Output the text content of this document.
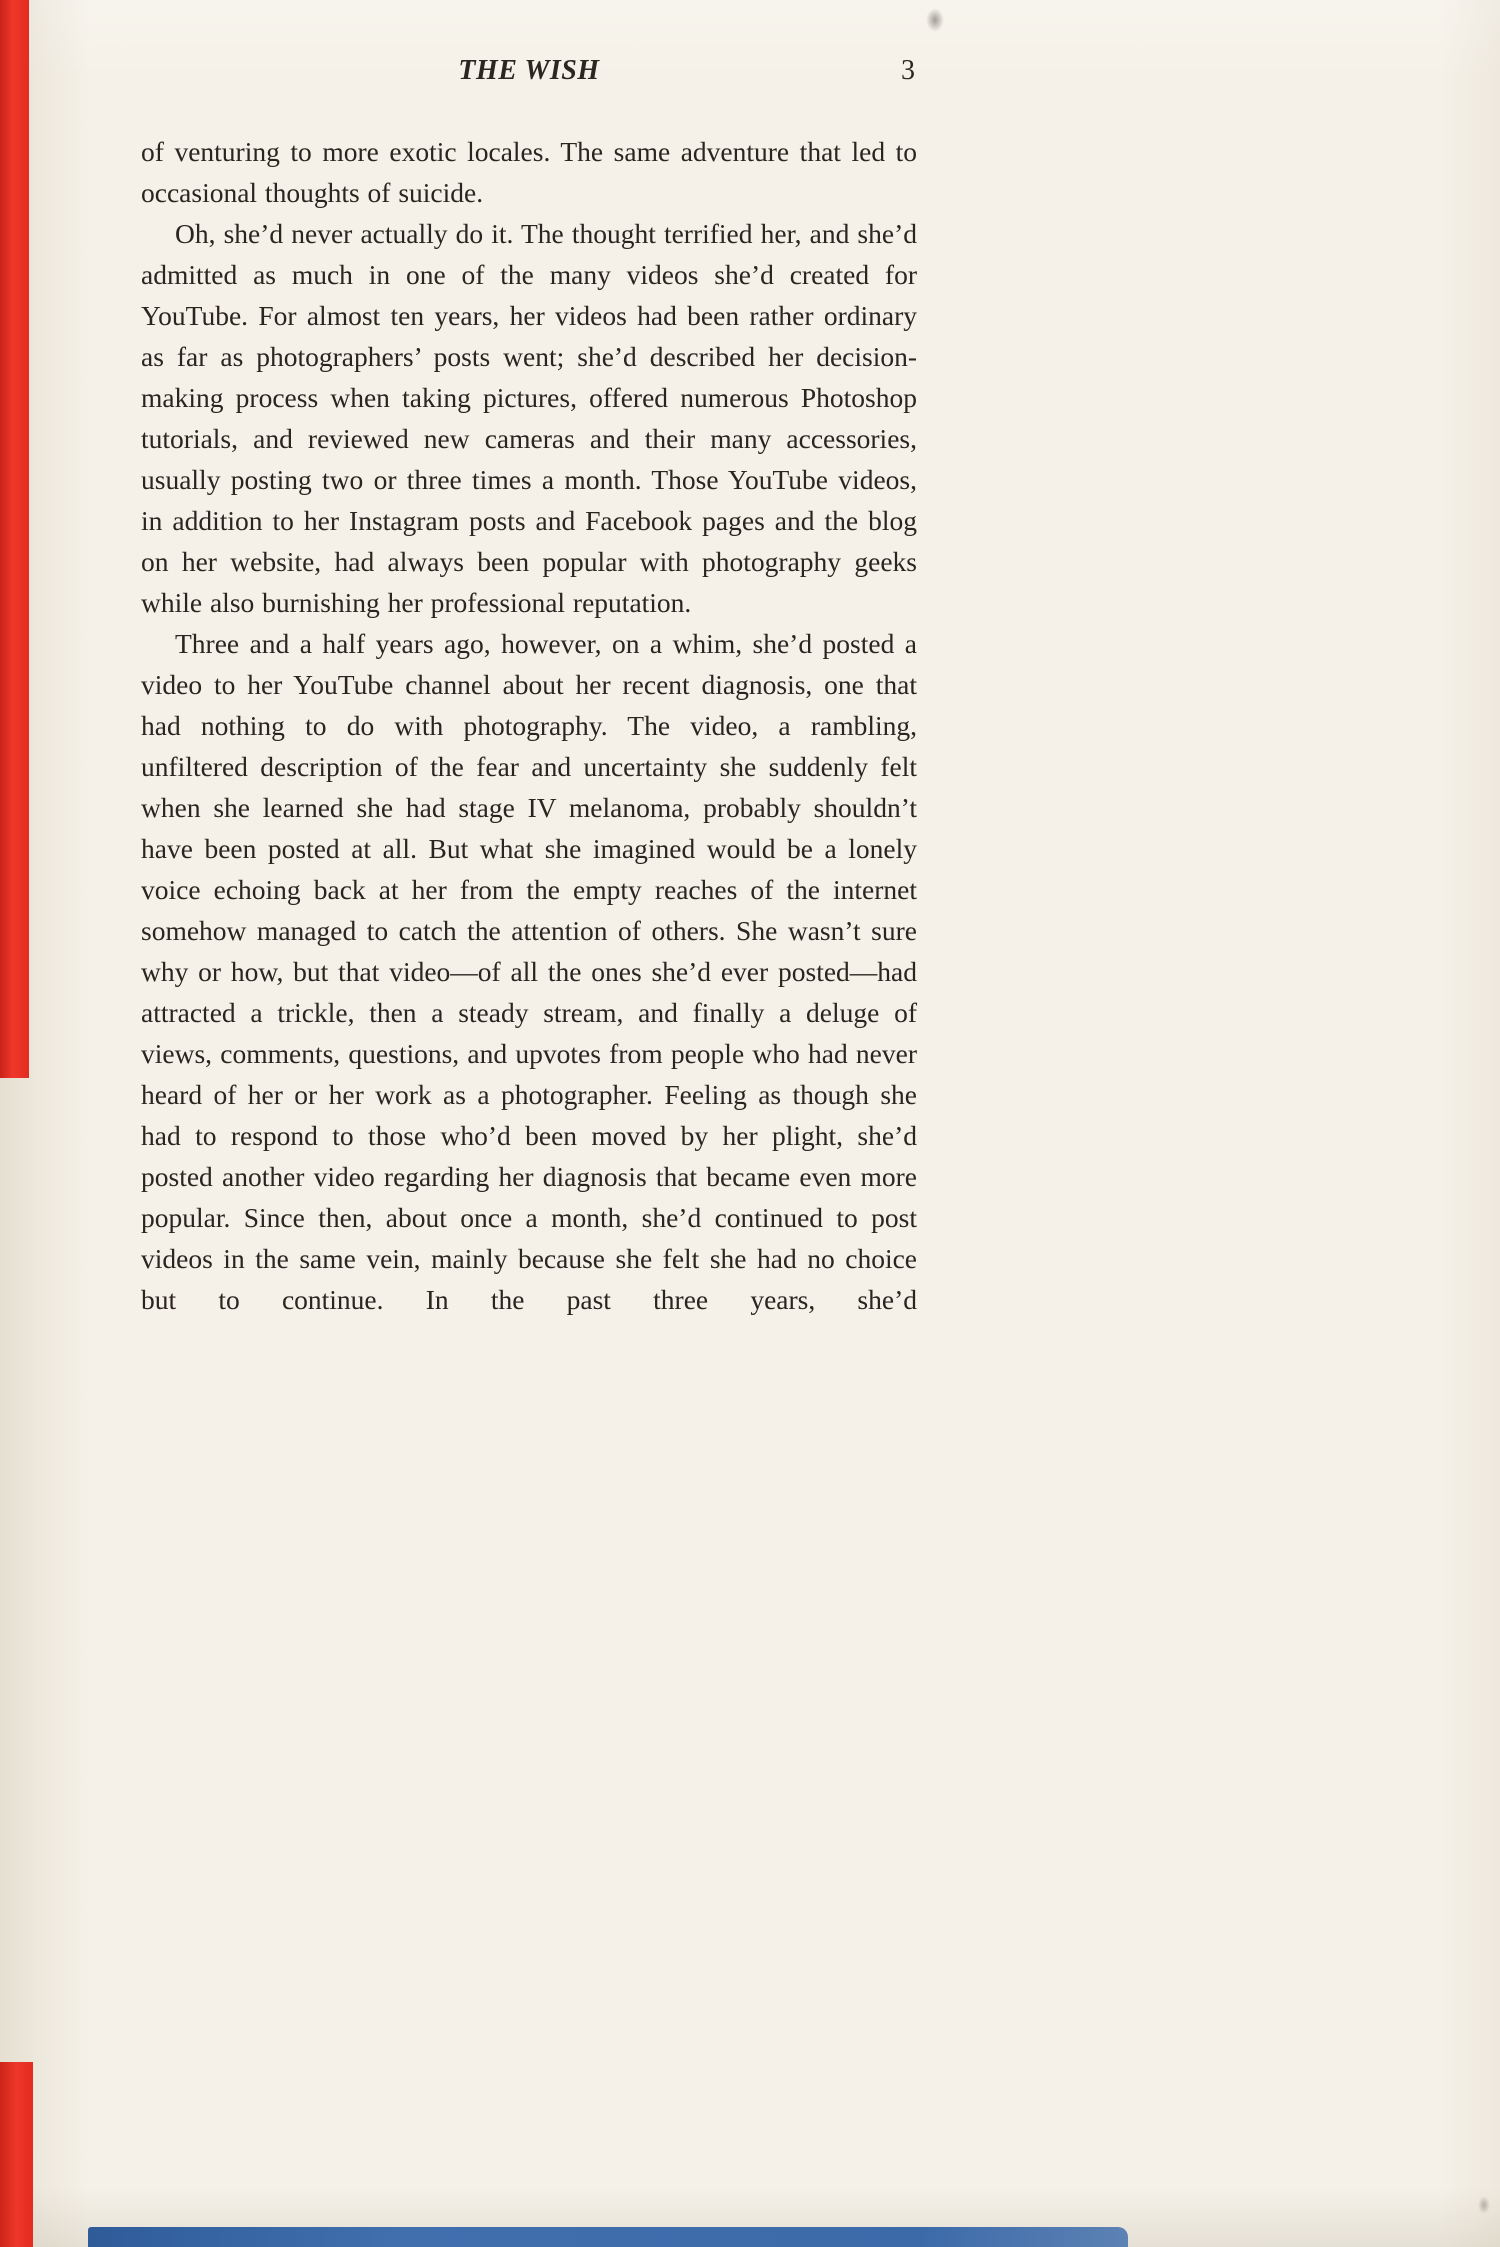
THE WISH	3

of venturing to more exotic locales. The same adventure that led to occasional thoughts of suicide.

Oh, she’d never actually do it. The thought terrified her, and she’d admitted as much in one of the many videos she’d created for YouTube. For almost ten years, her videos had been rather ordinary as far as photographers’ posts went; she’d described her decision-making process when taking pictures, offered numerous Photoshop tutorials, and reviewed new cameras and their many accessories, usually posting two or three times a month. Those YouTube videos, in addition to her Instagram posts and Facebook pages and the blog on her website, had always been popular with photography geeks while also burnishing her professional reputation.

Three and a half years ago, however, on a whim, she’d posted a video to her YouTube channel about her recent diagnosis, one that had nothing to do with photography. The video, a rambling, unfiltered description of the fear and uncertainty she suddenly felt when she learned she had stage IV melanoma, probably shouldn’t have been posted at all. But what she imagined would be a lonely voice echoing back at her from the empty reaches of the internet somehow managed to catch the attention of others. She wasn’t sure why or how, but that video—of all the ones she’d ever posted—had attracted a trickle, then a steady stream, and finally a deluge of views, comments, questions, and upvotes from people who had never heard of her or her work as a photographer. Feeling as though she had to respond to those who’d been moved by her plight, she’d posted another video regarding her diagnosis that became even more popular. Since then, about once a month, she’d continued to post videos in the same vein, mainly because she felt she had no choice but to continue. In the past three years, she’d
